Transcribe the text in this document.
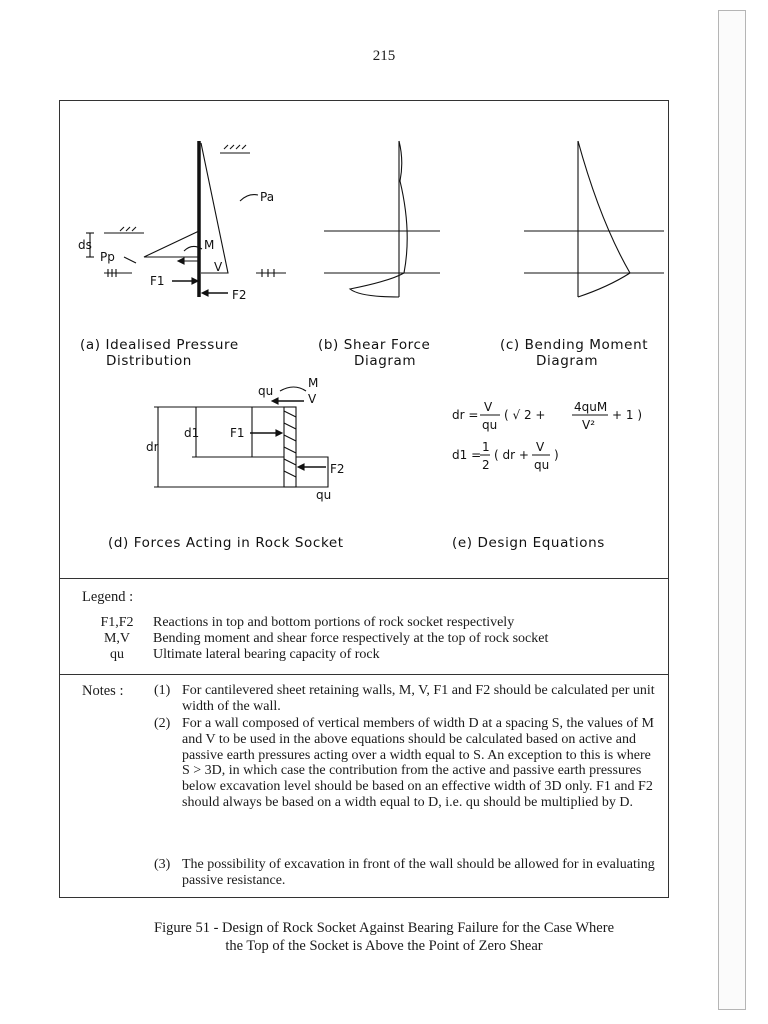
215
Pa
Pp
ds	M
V
F1
F2
qu
M
V
F1
F2
qu
d1
dr
dr =
V
qu
( √ 2 +
4quM
V²
+ 1 )
d1 =
1
2
( dr +
V
qu
)
(a) Idealised Pressure
Distribution
(b) Shear Force
Diagram
(c) Bending Moment
Diagram
(d) Forces Acting in Rock Socket	(e) Design Equations
Legend :
F1,F2	Reactions in top and bottom portions of rock socket respectively
M,V	Bending moment and shear force respectively at the top of rock socket
qu	Ultimate lateral bearing capacity of rock
Notes : (1) For cantilevered sheet retaining walls, M, V, F1 and F2 should be calculated per unit width of the wall.
(2) For a wall composed of vertical members of width D at a spacing S, the values of M and V to be used in the above equations should be calculated based on active and passive earth pressures acting over a width equal to S. An exception to this is where S > 3D, in which case the contribution from the active and passive earth pressures below excavation level should be based on an effective width of 3D only. F1 and F2 should always be based on a width equal to D, i.e. qu should be multiplied by D.
(3) The possibility of excavation in front of the wall should be allowed for in evaluating passive resistance.
Figure 51 - Design of Rock Socket Against Bearing Failure for the Case Where
the Top of the Socket is Above the Point of Zero Shear
